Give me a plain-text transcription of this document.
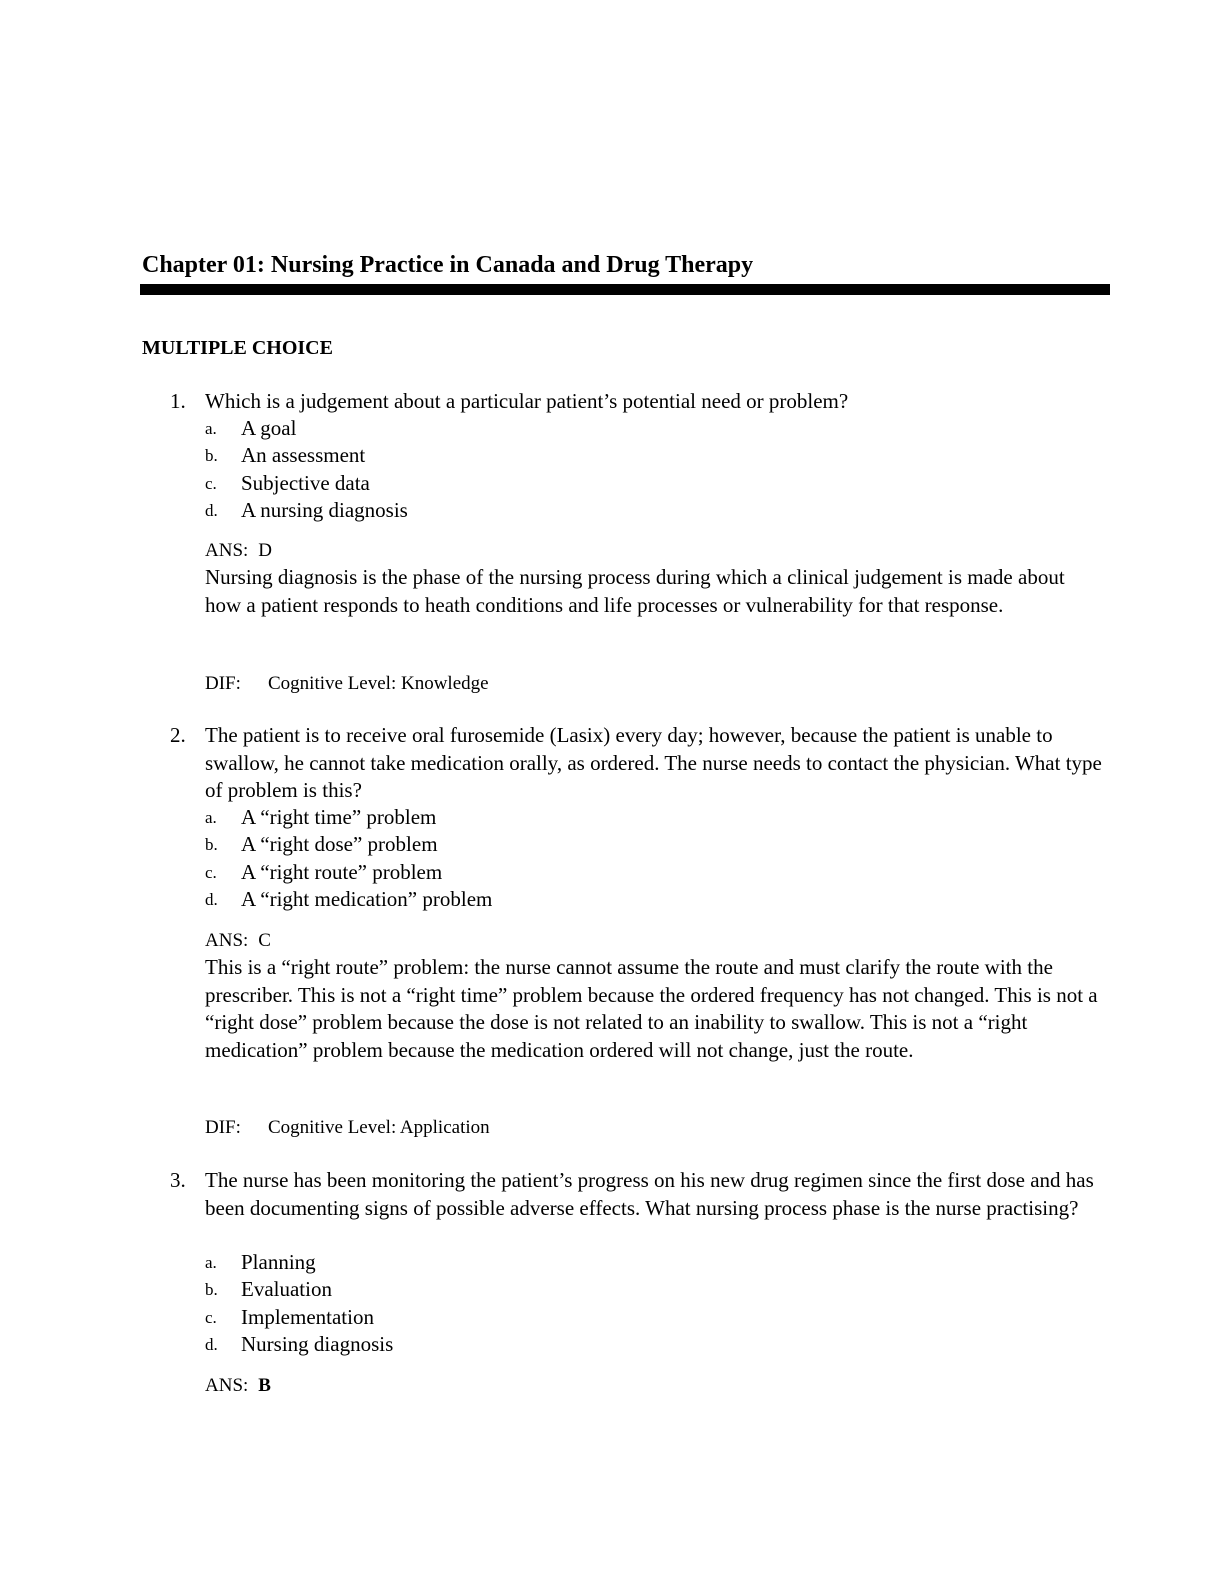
Chapter 01: Nursing Practice in Canada and Drug Therapy
MULTIPLE CHOICE
1. Which is a judgement about a particular patient’s potential need or problem?

a. A goal
b. An assessment
c. Subjective data
d. A nursing diagnosis
ANS: D

Nursing diagnosis is the phase of the nursing process during which a clinical judgement is made about how a patient responds to heath conditions and life processes or vulnerability for that response.

DIF: Cognitive Level: Knowledge
2. The patient is to receive oral furosemide (Lasix) every day; however, because the patient is unable to swallow, he cannot take medication orally, as ordered. The nurse needs to contact the physician. What type of problem is this?

a. A “right time” problem
b. A “right dose” problem
c. A “right route” problem
d. A “right medication” problem
ANS: C

This is a “right route” problem: the nurse cannot assume the route and must clarify the route with the prescriber. This is not a “right time” problem because the ordered frequency has not changed. This is not a “right dose” problem because the dose is not related to an inability to swallow. This is not a “right medication” problem because the medication ordered will not change, just the route.

DIF: Cognitive Level: Application
3. The nurse has been monitoring the patient’s progress on his new drug regimen since the first dose and has been documenting signs of possible adverse effects. What nursing process phase is the nurse practising?

a. Planning
b. Evaluation
c. Implementation
d. Nursing diagnosis
ANS: B
